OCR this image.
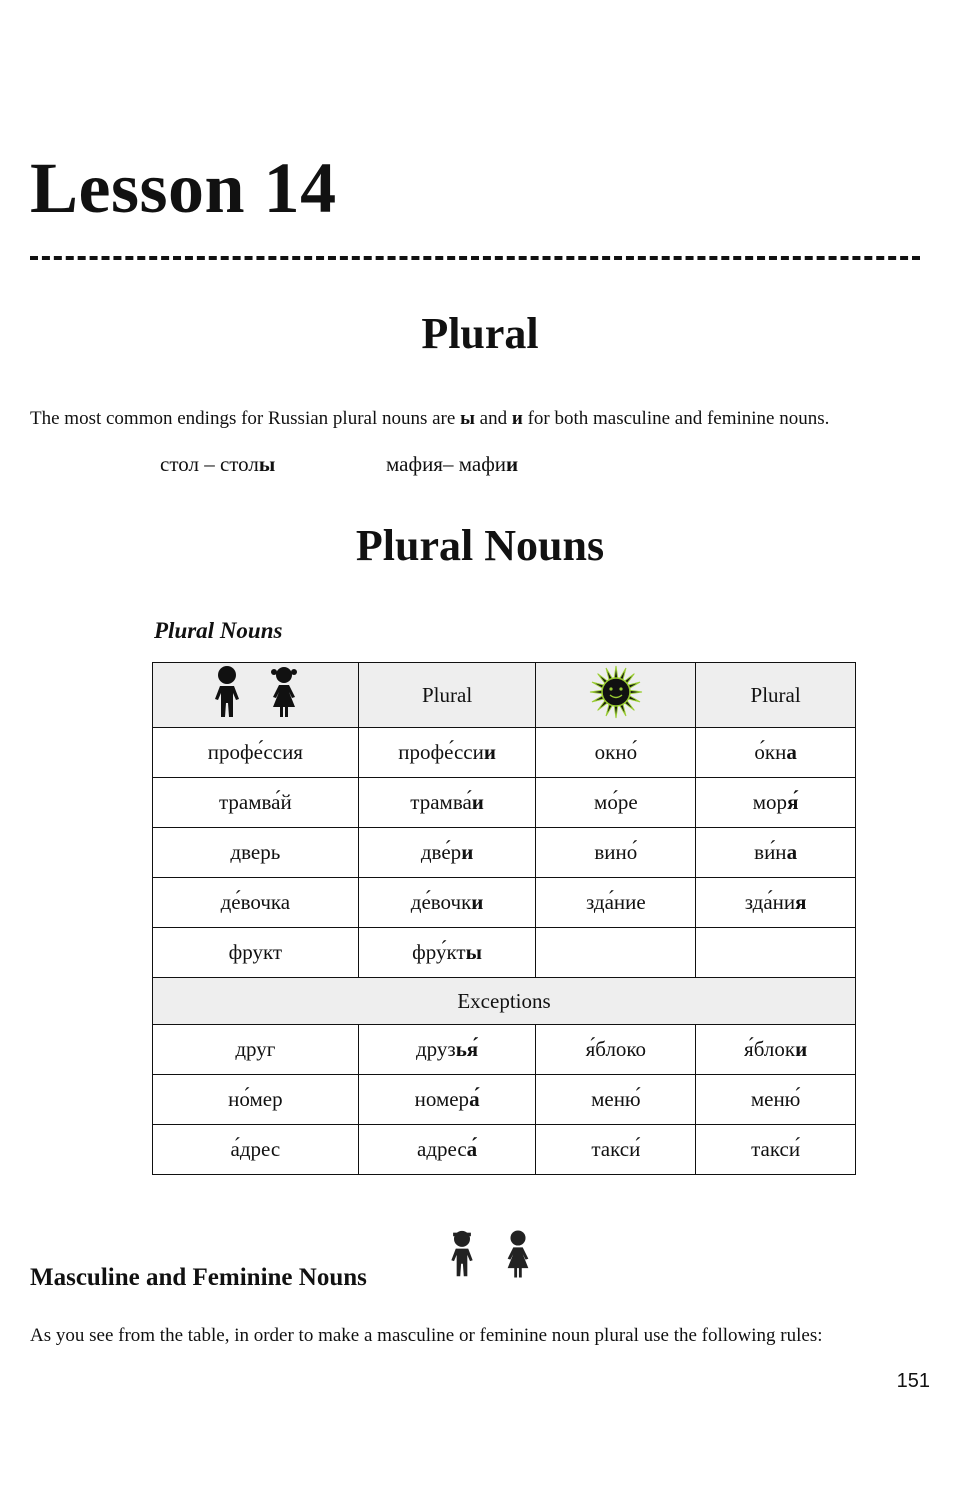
Lesson 14
Plural

The most common endings for Russian plural nouns are ы and и for both masculine and feminine nouns.

стол – столы	мафия– мафии
Plural Nouns

Plural Nouns

	Plural		Plural
профе́ссия	профе́ссии	окно́	о́кна
трамва́й	трамва́и	мо́ре	моря́
дверь	две́ри	вино́	ви́на
де́вочка	де́вочки	зда́ние	зда́ния
фрукт	фру́кты		
Exceptions			
друг	друзья́	я́блоко	я́блоки
но́мер	номера́	меню́	меню́
а́дрес	адреса́	такси́	такси́
Masculine and Feminine Nouns

As you see from the table, in order to make a masculine or feminine noun plural use the following rules:

151
